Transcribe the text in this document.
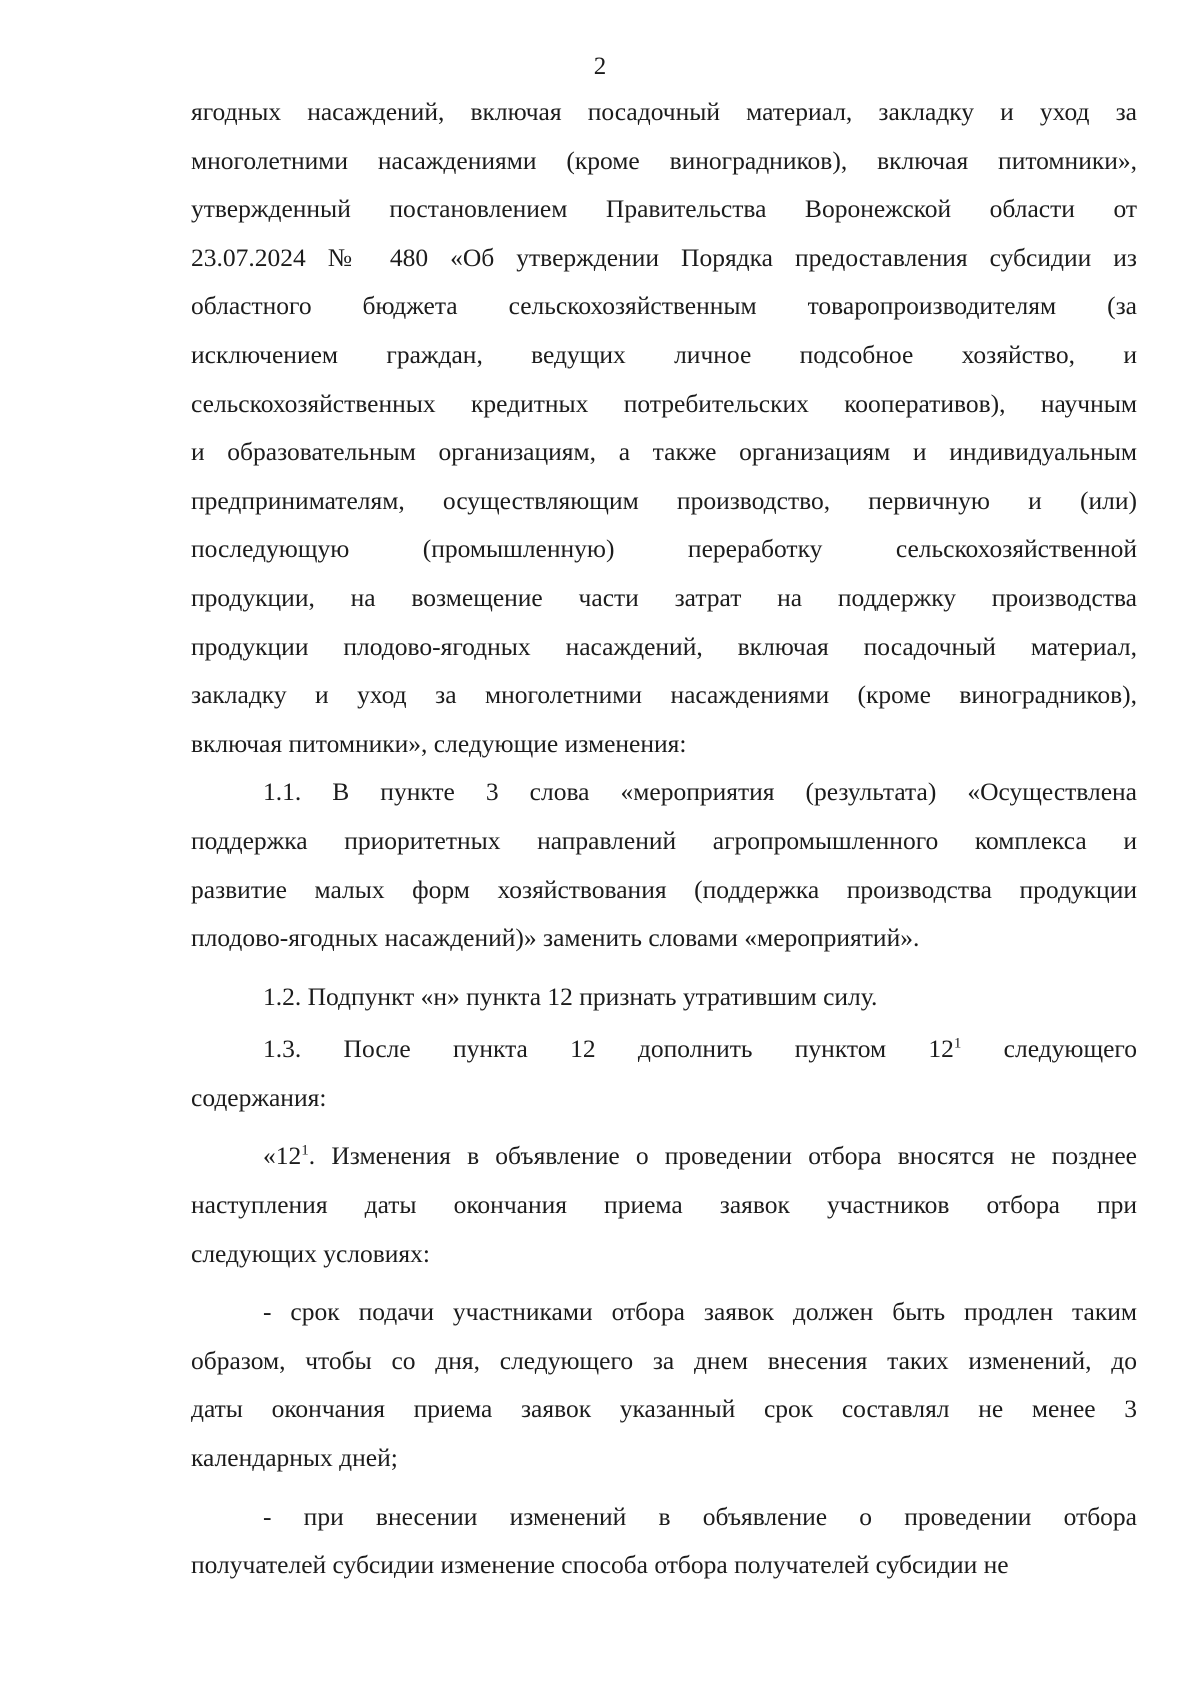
2
ягодных насаждений, включая посадочный материал, закладку и уход за
многолетними насаждениями (кроме виноградников), включая питомники»,
утвержденный постановлением Правительства Воронежской области от
23.07.2024 № 480 «Об утверждении Порядка предоставления субсидии из
областного бюджета сельскохозяйственным товаропроизводителям (за
исключением граждан, ведущих личное подсобное хозяйство, и
сельскохозяйственных кредитных потребительских кооперативов), научным
и образовательным организациям, а также организациям и индивидуальным
предпринимателям, осуществляющим производство, первичную и (или)
последующую (промышленную) переработку сельскохозяйственной
продукции, на возмещение части затрат на поддержку производства
продукции плодово-ягодных насаждений, включая посадочный материал,
закладку и уход за многолетними насаждениями (кроме виноградников),
включая питомники», следующие изменения:
1.1. В пункте 3 слова «мероприятия (результата) «Осуществлена
поддержка приоритетных направлений агропромышленного комплекса и
развитие малых форм хозяйствования (поддержка производства продукции
плодово-ягодных насаждений)» заменить словами «мероприятий».
1.2. Подпункт «н» пункта 12 признать утратившим силу.
1.3. После пункта 12 дополнить пунктом 12$^1$ следующего
содержания:
«12$^1$. Изменения в объявление о проведении отбора вносятся не позднее
наступления даты окончания приема заявок участников отбора при
следующих условиях:
- срок подачи участниками отбора заявок должен быть продлен таким
образом, чтобы со дня, следующего за днем внесения таких изменений, до
даты окончания приема заявок указанный срок составлял не менее 3
календарных дней;
- при внесении изменений в объявление о проведении отбора
получателей субсидии изменение способа отбора получателей субсидии не
